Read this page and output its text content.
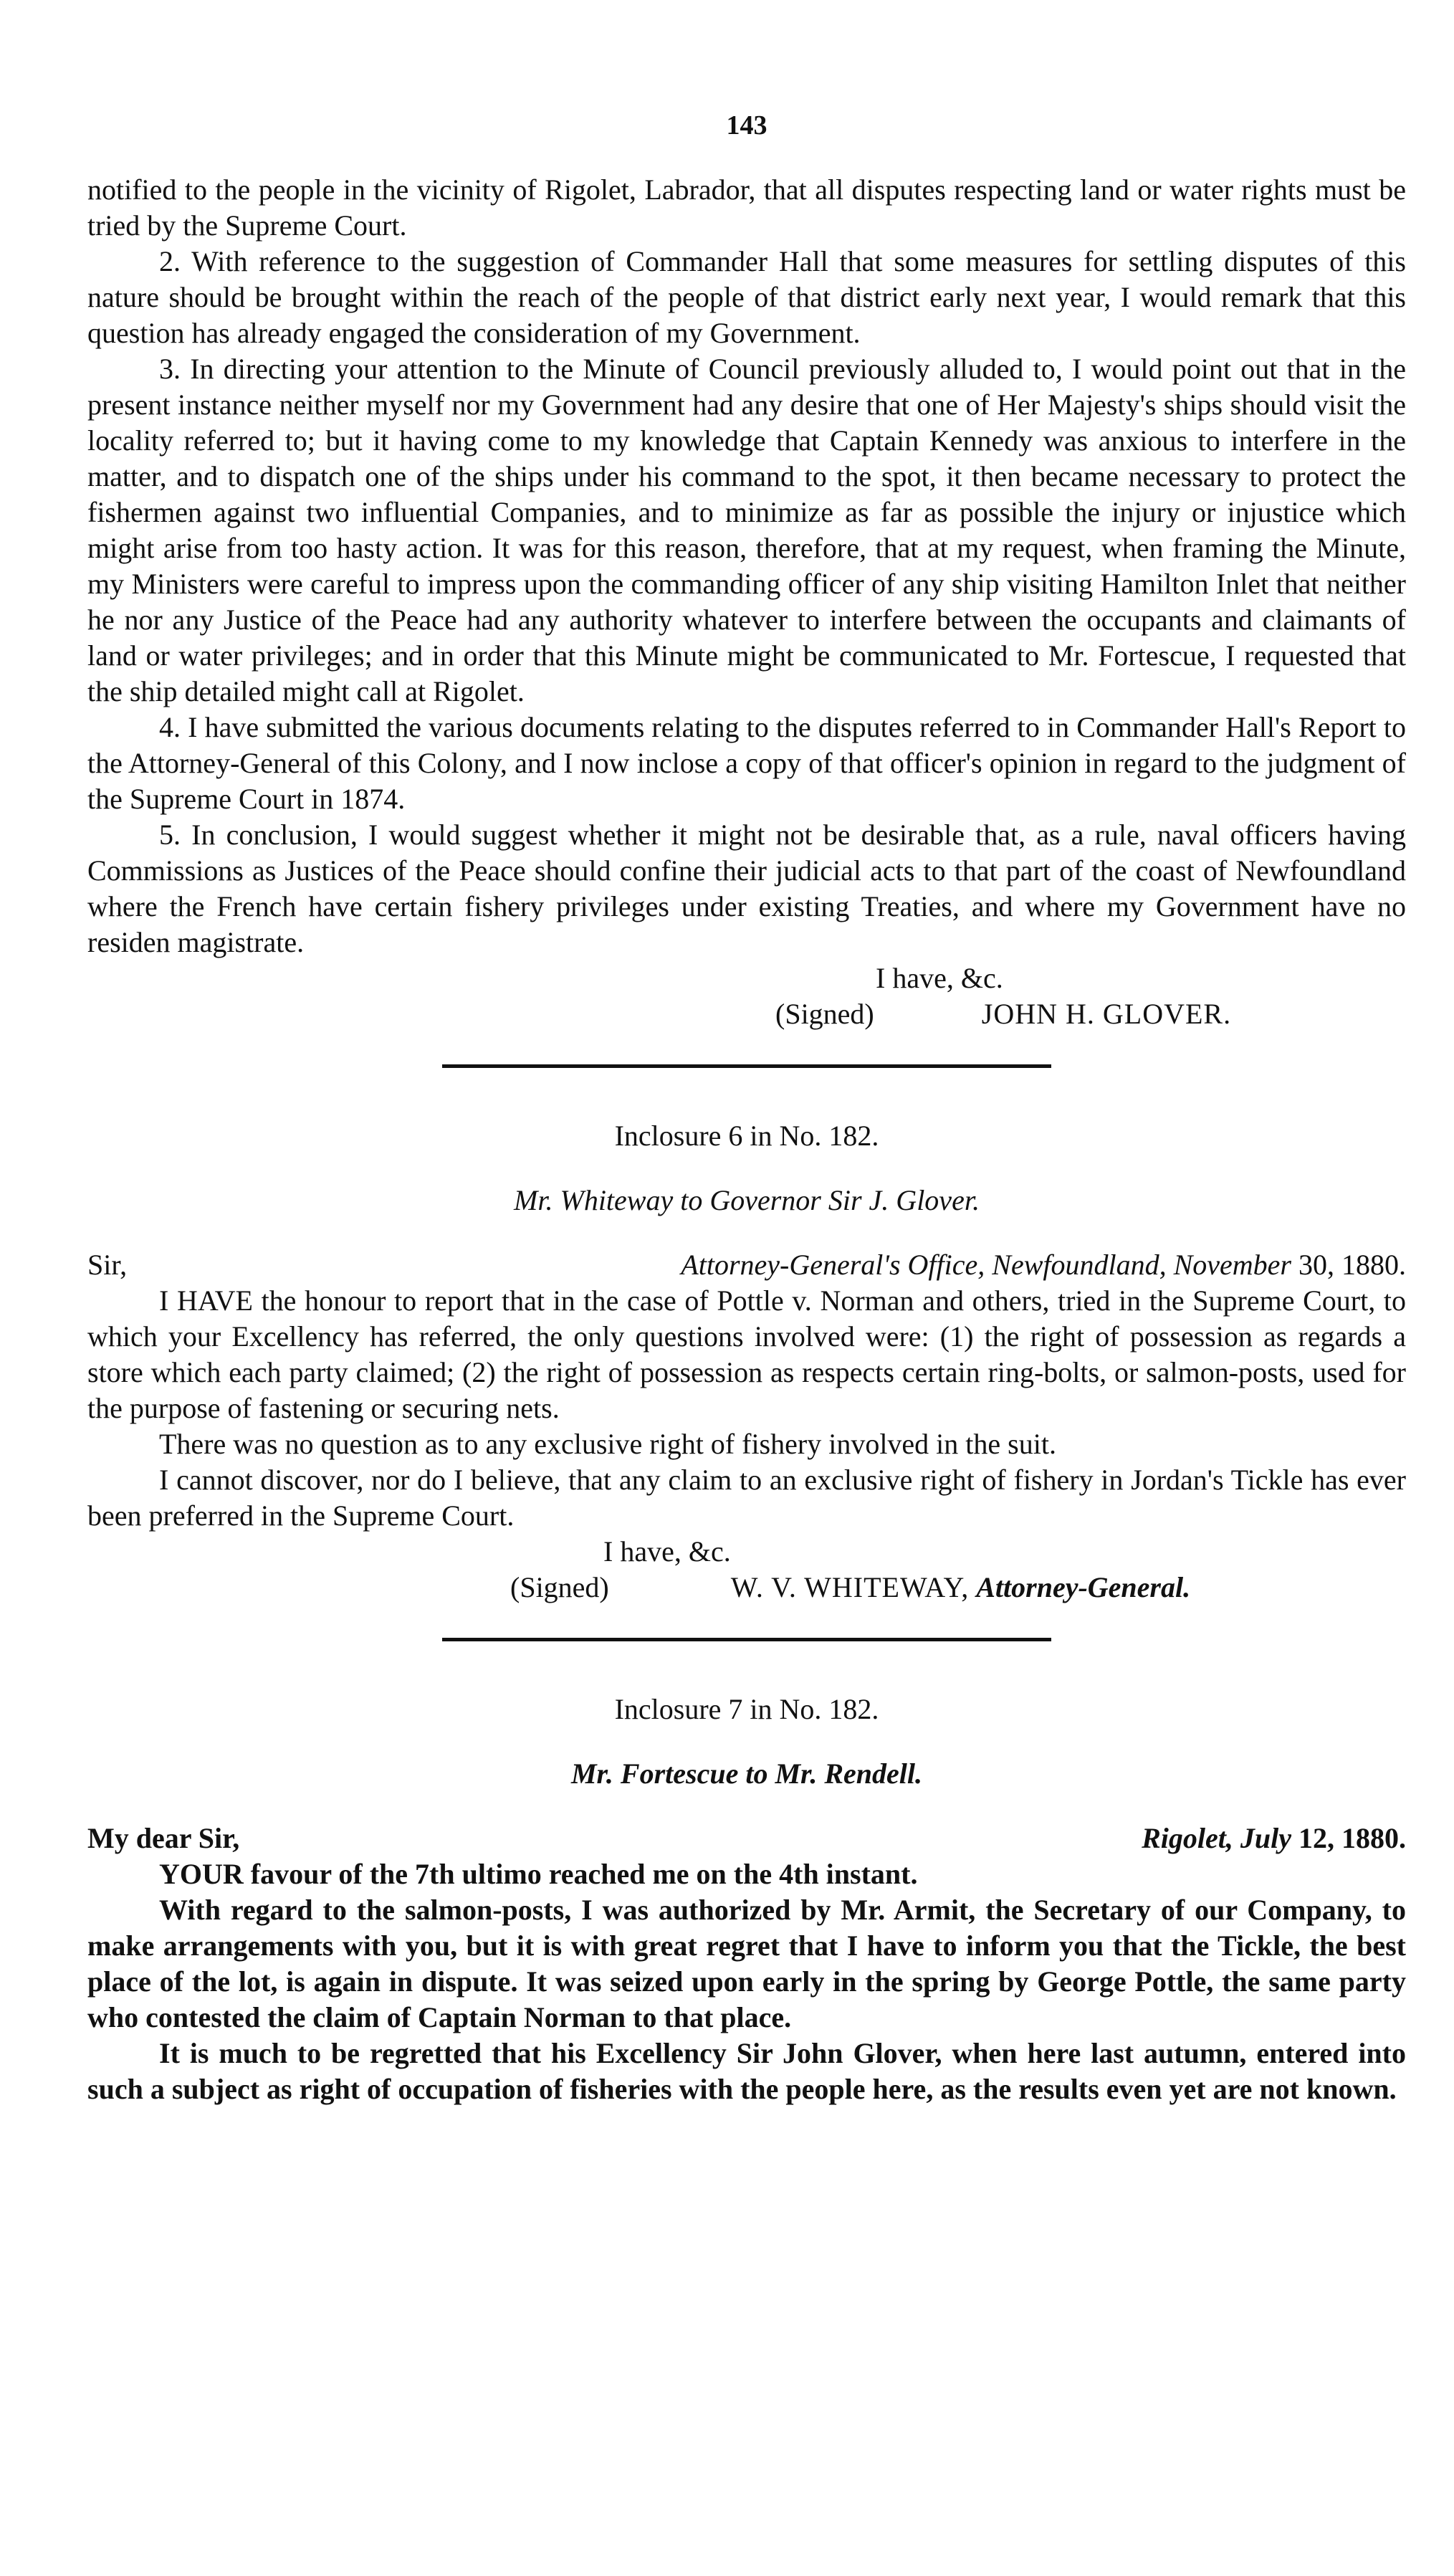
143

notified to the people in the vicinity of Rigolet, Labrador, that all disputes respecting land or water rights must be tried by the Supreme Court.

2. With reference to the suggestion of Commander Hall that some measures for settling disputes of this nature should be brought within the reach of the people of that district early next year, I would remark that this question has already engaged the consideration of my Government.

3. In directing your attention to the Minute of Council previously alluded to, I would point out that in the present instance neither myself nor my Government had any desire that one of Her Majesty's ships should visit the locality referred to; but it having come to my knowledge that Captain Kennedy was anxious to interfere in the matter, and to dispatch one of the ships under his command to the spot, it then became necessary to protect the fishermen against two influential Companies, and to minimize as far as possible the injury or injustice which might arise from too hasty action. It was for this reason, therefore, that at my request, when framing the Minute, my Ministers were careful to impress upon the commanding officer of any ship visiting Hamilton Inlet that neither he nor any Justice of the Peace had any authority whatever to interfere between the occupants and claimants of land or water privileges; and in order that this Minute might be communicated to Mr. Fortescue, I requested that the ship detailed might call at Rigolet.

4. I have submitted the various documents relating to the disputes referred to in Commander Hall's Report to the Attorney-General of this Colony, and I now inclose a copy of that officer's opinion in regard to the judgment of the Supreme Court in 1874.

5. In conclusion, I would suggest whether it might not be desirable that, as a rule, naval officers having Commissions as Justices of the Peace should confine their judicial acts to that part of the coast of Newfoundland where the French have certain fishery privileges under existing Treaties, and where my Government have no residen magistrate.

I have, &c.
(Signed)	JOHN H. GLOVER.
Inclosure 6 in No. 182.
Mr. Whiteway to Governor Sir J. Glover.
Sir,	Attorney-General's Office, Newfoundland, November 30, 1880.

I HAVE the honour to report that in the case of Pottle v. Norman and others, tried in the Supreme Court, to which your Excellency has referred, the only questions involved were: (1) the right of possession as regards a store which each party claimed; (2) the right of possession as respects certain ring-bolts, or salmon-posts, used for the purpose of fastening or securing nets.

There was no question as to any exclusive right of fishery involved in the suit.

I cannot discover, nor do I believe, that any claim to an exclusive right of fishery in Jordan's Tickle has ever been preferred in the Supreme Court.

I have, &c.
(Signed)	W. V. WHITEWAY, Attorney-General.
Inclosure 7 in No. 182.
Mr. Fortescue to Mr. Rendell.
My dear Sir,	Rigolet, July 12, 1880.

YOUR favour of the 7th ultimo reached me on the 4th instant.

With regard to the salmon-posts, I was authorized by Mr. Armit, the Secretary of our Company, to make arrangements with you, but it is with great regret that I have to inform you that the Tickle, the best place of the lot, is again in dispute. It was seized upon early in the spring by George Pottle, the same party who contested the claim of Captain Norman to that place.

It is much to be regretted that his Excellency Sir John Glover, when here last autumn, entered into such a subject as right of occupation of fisheries with the people here, as the results even yet are not known.
